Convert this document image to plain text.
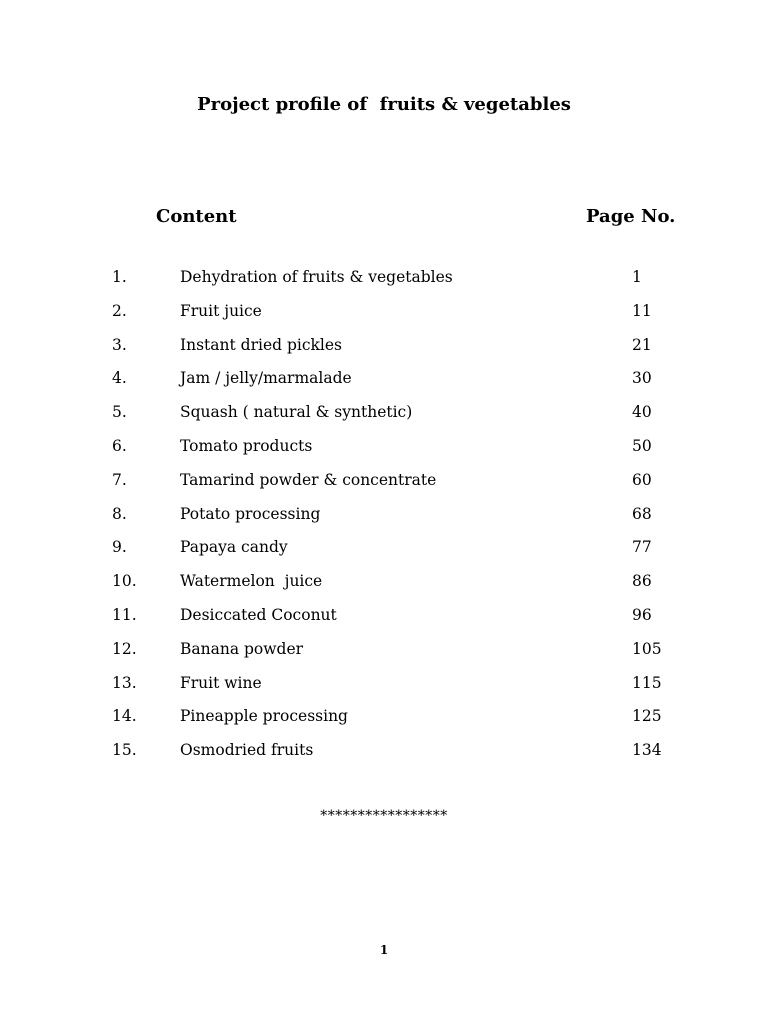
Project profile of  fruits & vegetables
Content	Page No.
1.	Dehydration of fruits & vegetables	1
2.	Fruit juice	11
3.	Instant dried pickles	21
4.	Jam / jelly/marmalade	30
5.	Squash ( natural & synthetic)	40
6.	Tomato products	50
7.	Tamarind powder & concentrate	60
8.	Potato processing	68
9.	Papaya candy	77
10.	Watermelon  juice	86
11.	Desiccated Coconut	96
12.	Banana powder	105
13.	Fruit wine	115
14.	Pineapple processing	125
15.	Osmodried fruits	134
*****************
1
